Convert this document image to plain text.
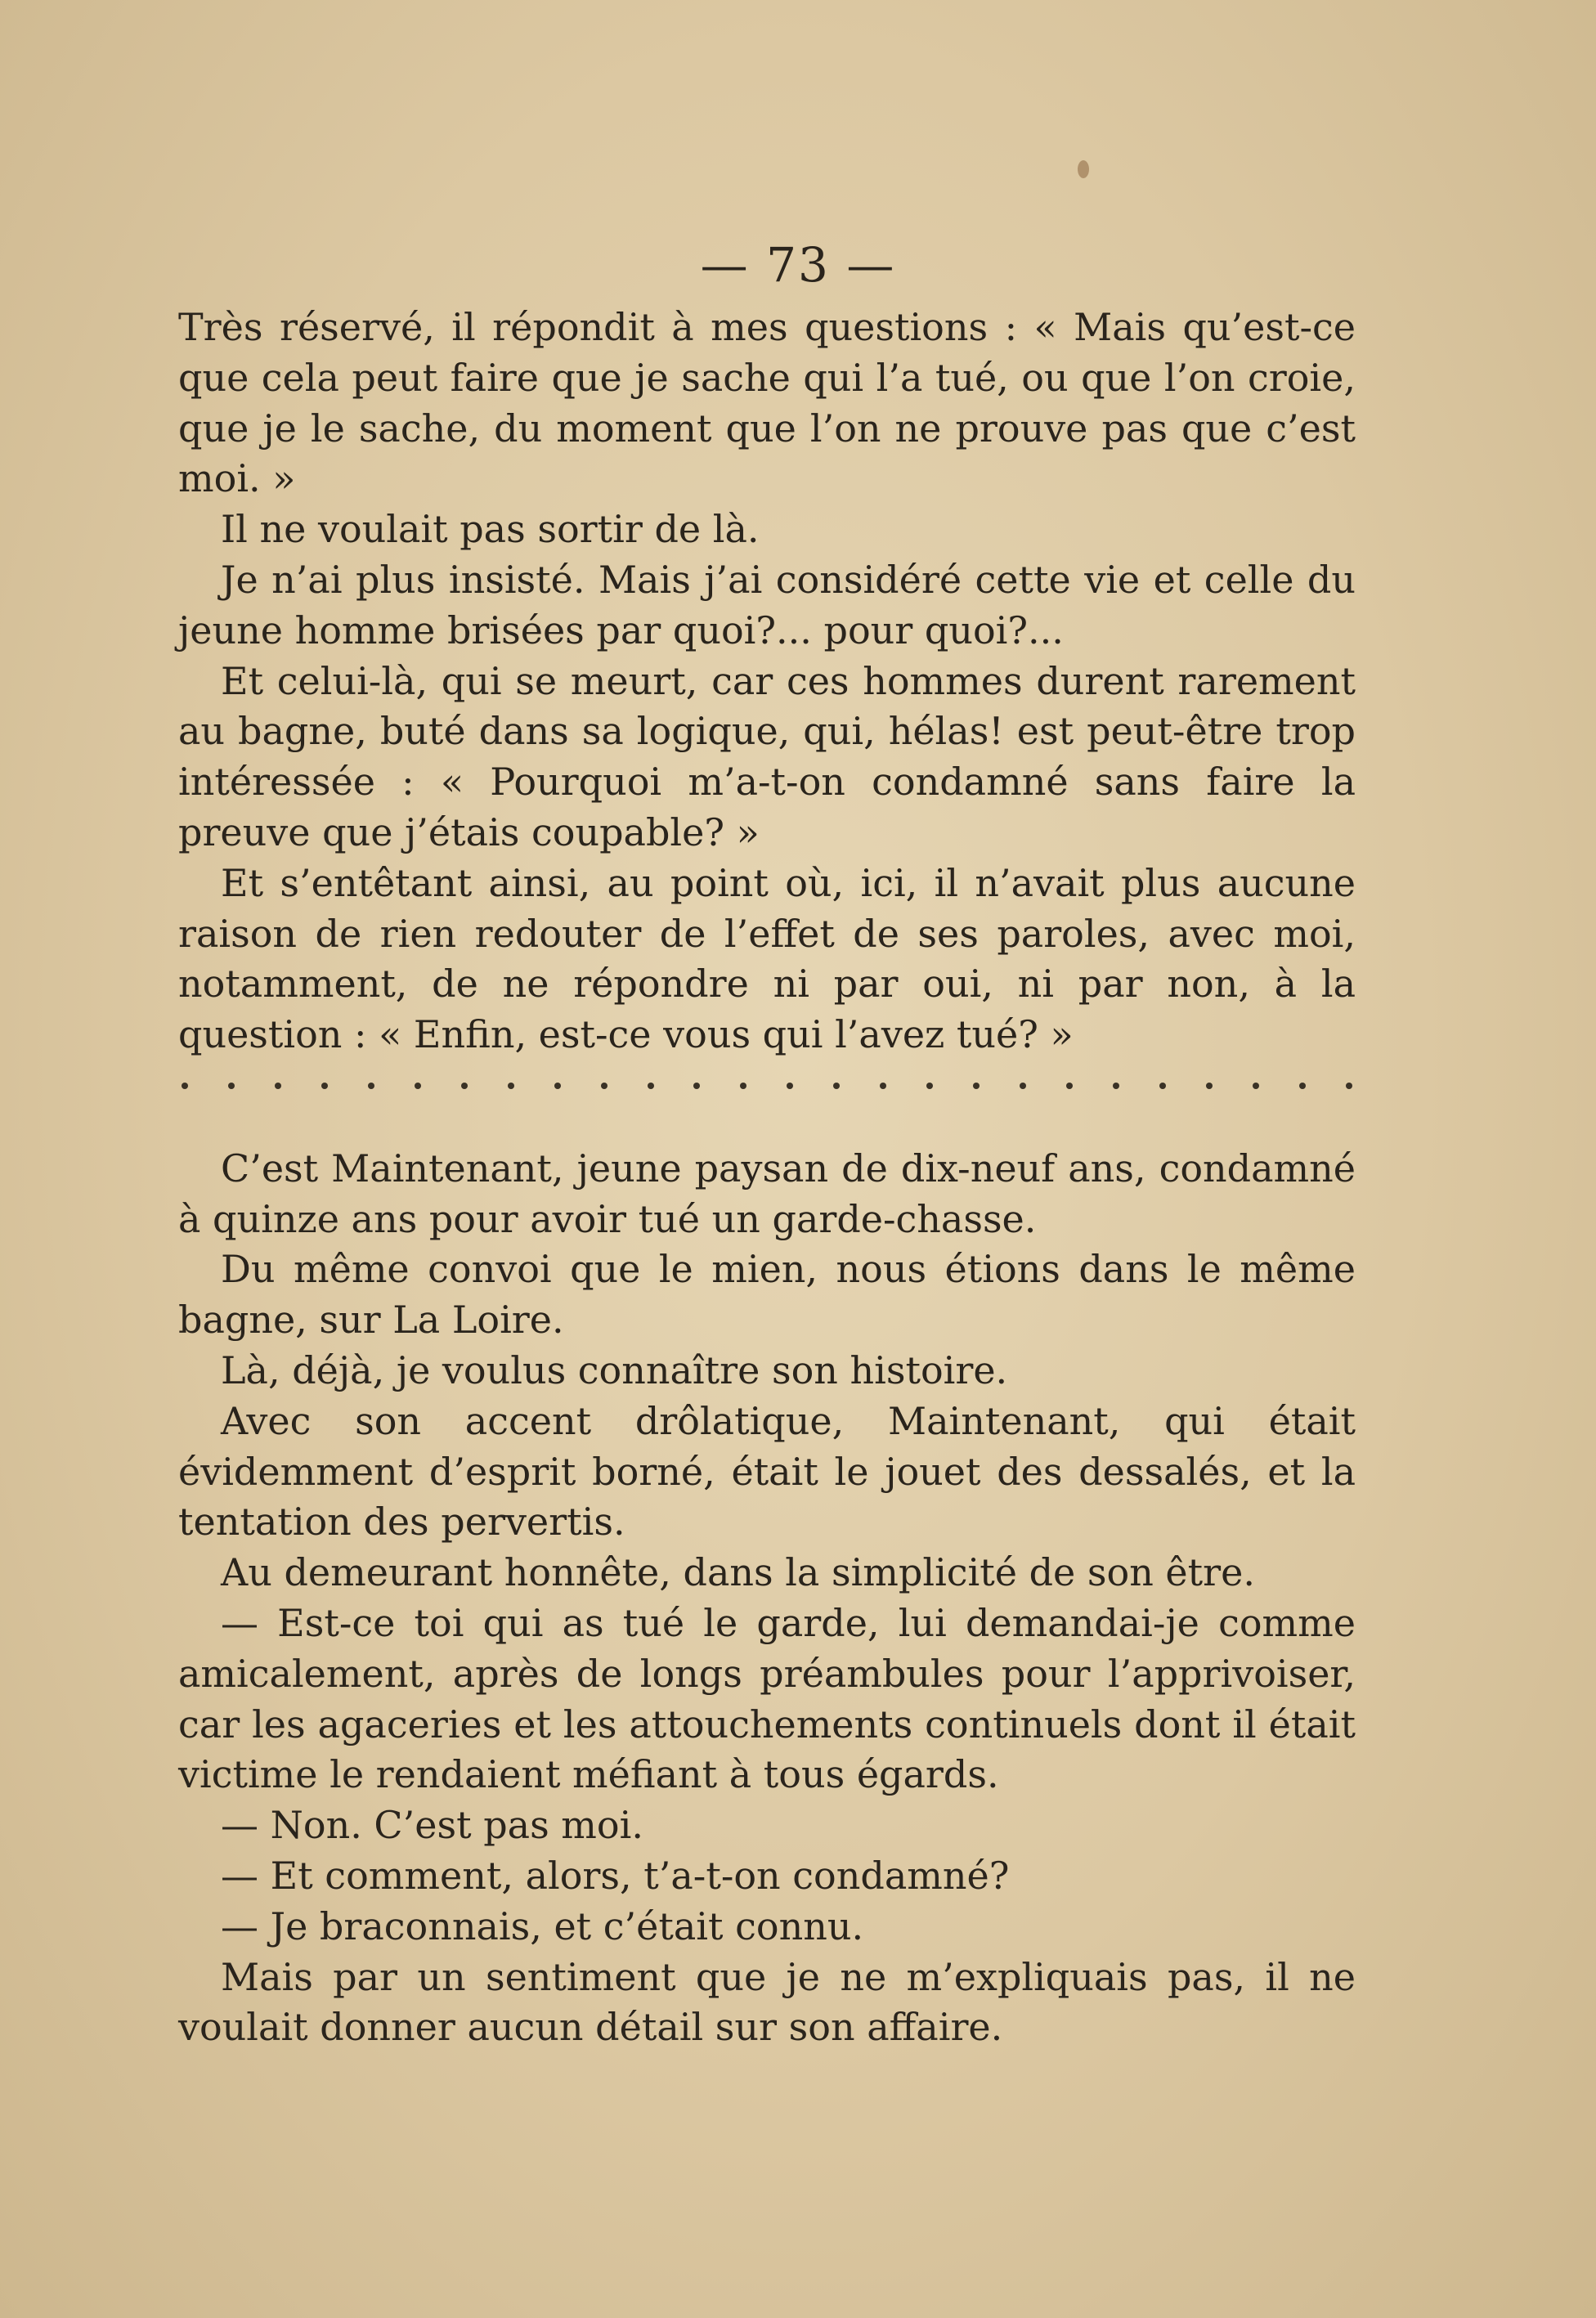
— 73 —

Très réservé, il répondit à mes questions : « Mais qu’est-ce que cela peut faire que je sache qui l’a tué, ou que l’on croie, que je le sache, du moment que l’on ne prouve pas que c’est moi. »

Il ne voulait pas sortir de là.

Je n’ai plus insisté. Mais j’ai considéré cette vie et celle du jeune homme brisées par quoi?... pour quoi?...

Et celui-là, qui se meurt, car ces hommes durent rarement au bagne, buté dans sa logique, qui, hélas! est peut-être trop intéressée : « Pourquoi m’a-t-on condamné sans faire la preuve que j’étais coupable? »

Et s’entêtant ainsi, au point où, ici, il n’avait plus aucune raison de rien redouter de l’effet de ses paroles, avec moi, notamment, de ne répondre ni par oui, ni par non, à la question : « Enfin, est-ce vous qui l’avez tué? »

C’est Maintenant, jeune paysan de dix-neuf ans, condamné à quinze ans pour avoir tué un garde-chasse.

Du même convoi que le mien, nous étions dans le même bagne, sur La Loire.

Là, déjà, je voulus connaître son histoire.

Avec son accent drôlatique, Maintenant, qui était évidemment d’esprit borné, était le jouet des dessalés, et la tentation des pervertis.

Au demeurant honnête, dans la simplicité de son être.

— Est-ce toi qui as tué le garde, lui demandai-je comme amicalement, après de longs préambules pour l’apprivoiser, car les agaceries et les attouchements continuels dont il était victime le rendaient méfiant à tous égards.

— Non. C’est pas moi.

— Et comment, alors, t’a-t-on condamné?

— Je braconnais, et c’était connu.

Mais par un sentiment que je ne m’expliquais pas, il ne voulait donner aucun détail sur son affaire.
